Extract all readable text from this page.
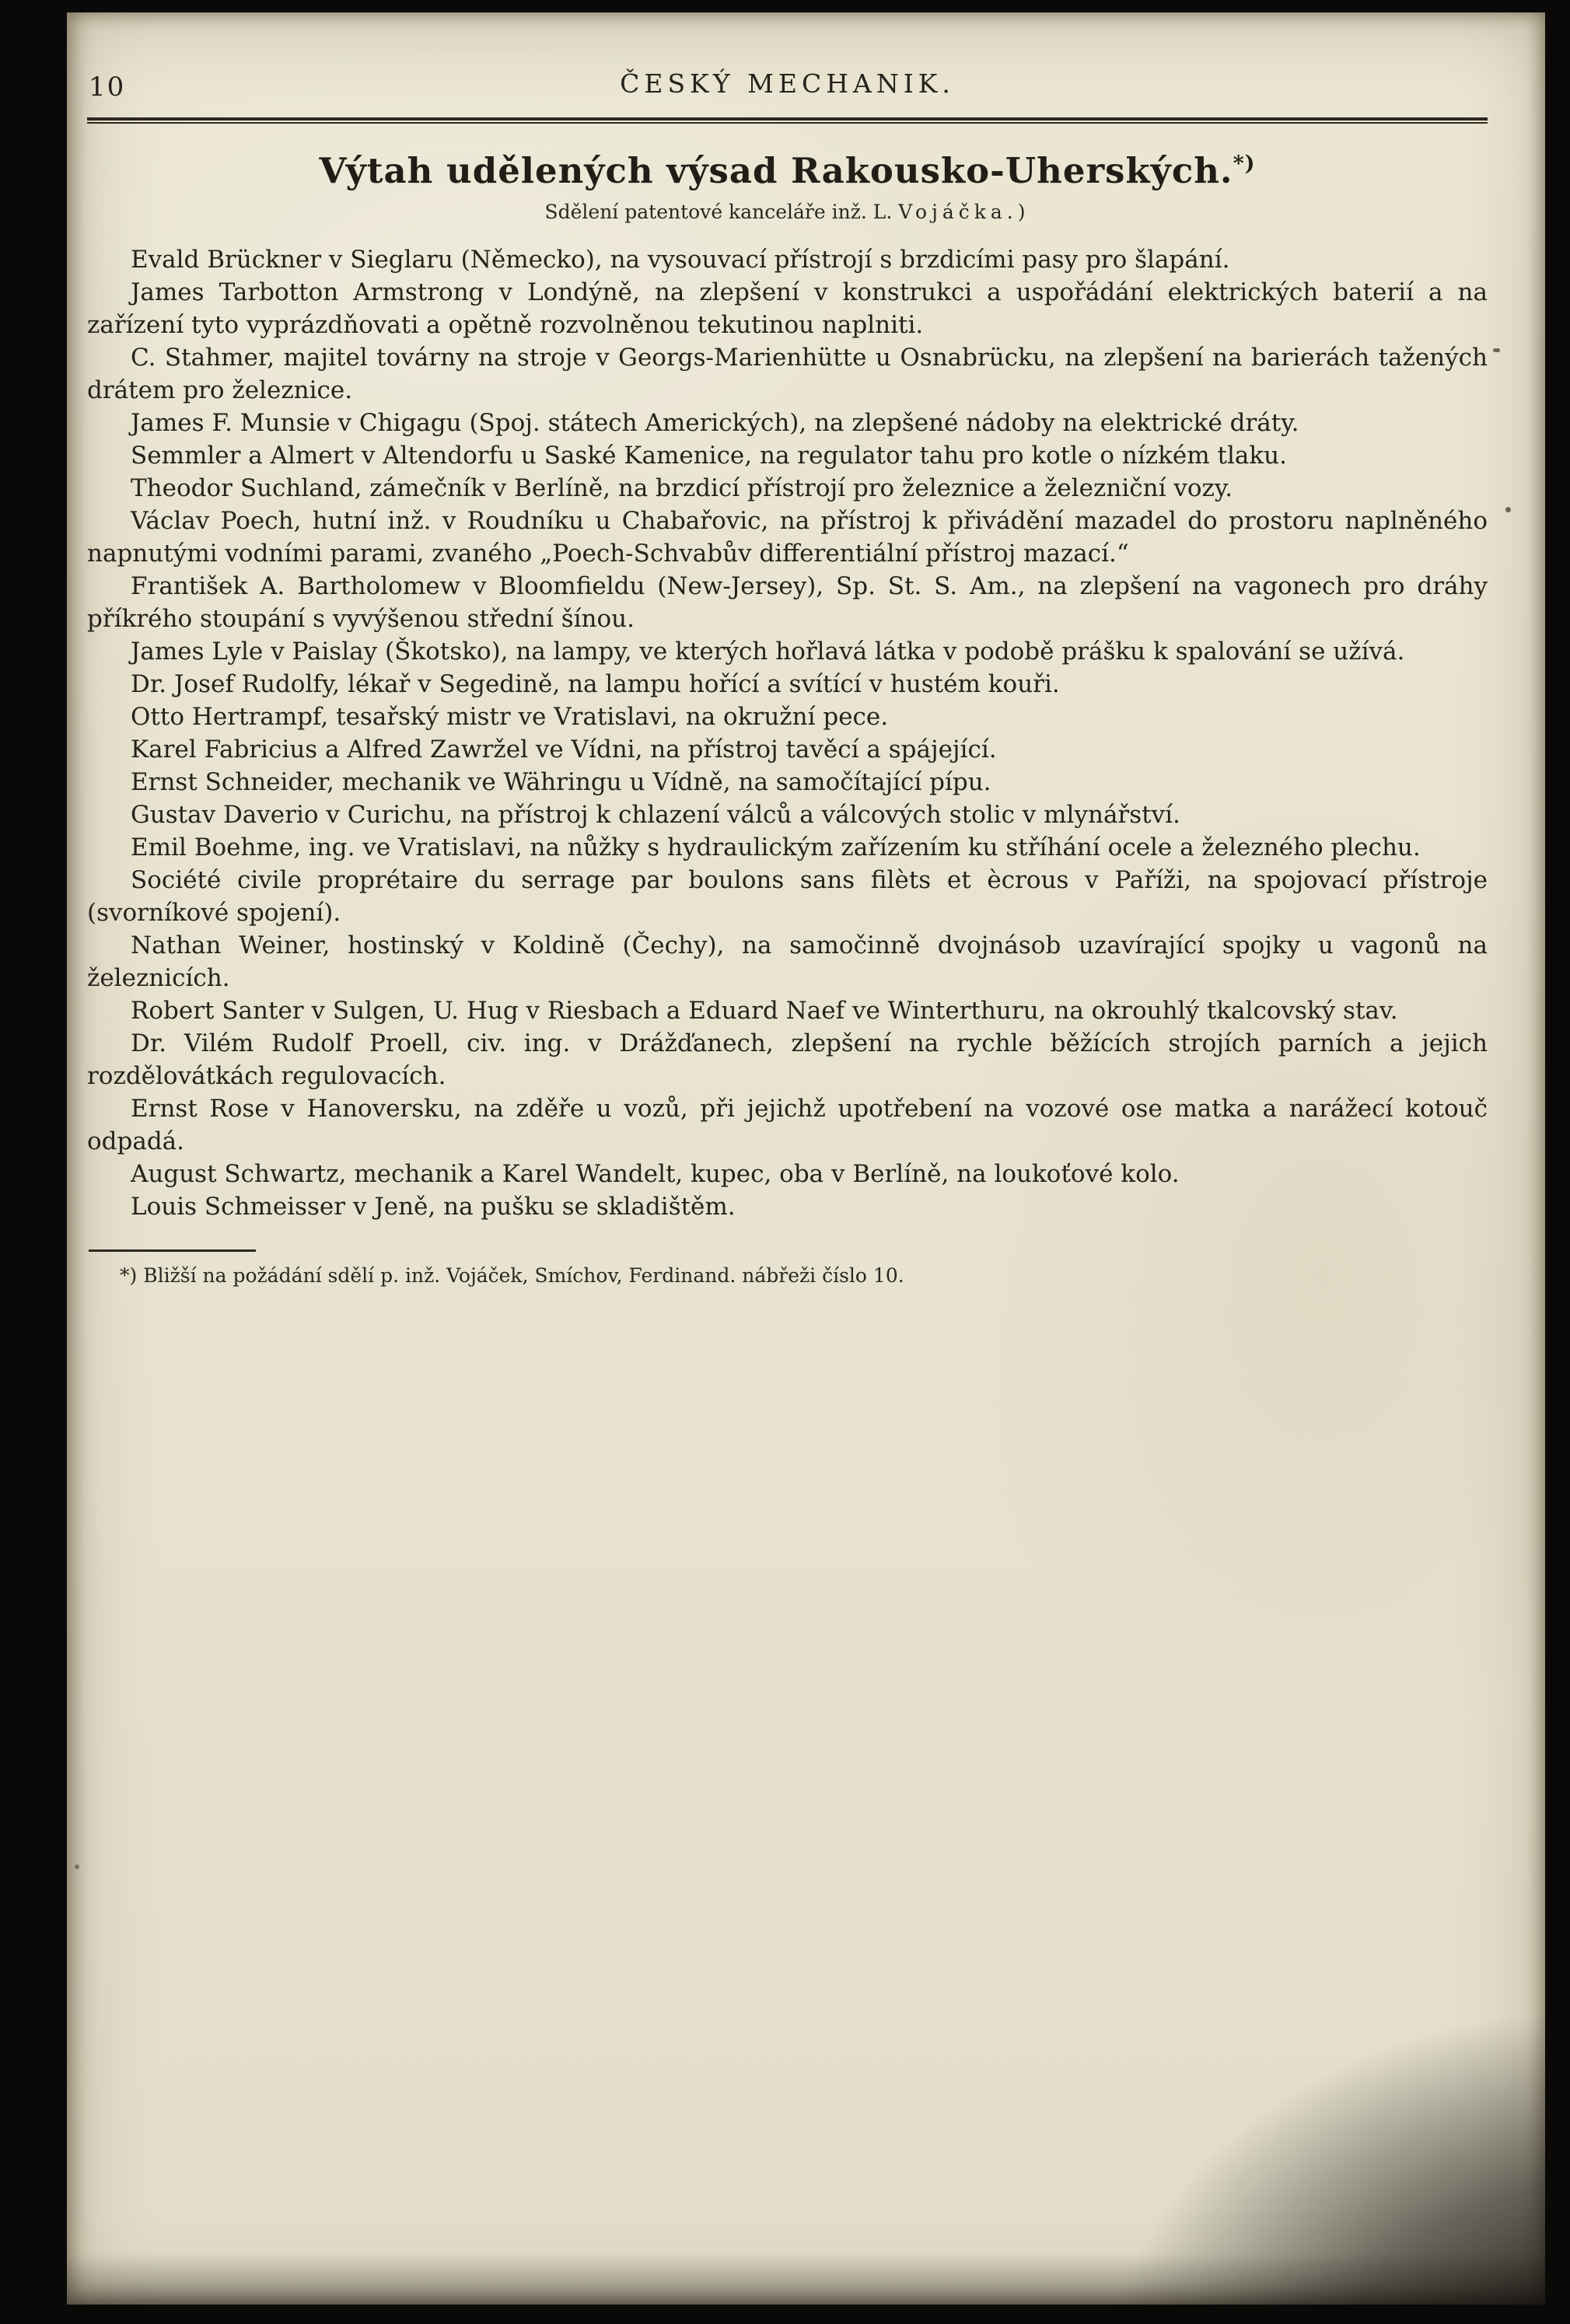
10	ČESKÝ MECHANIK.
Výtah udělených výsad Rakousko-Uherských.*)
Sdělení patentové kanceláře inž. L. Vojáčka.)

Evald Brückner v Sieglaru (Německo), na vysouvací přístrojí s brzdicími pasy pro šlapání.

James Tarbotton Armstrong v Londýně, na zlepšení v konstrukci a uspořádání elektrických baterií a na zařízení tyto vyprázdňovati a opětně rozvolněnou tekutinou naplniti.

C. Stahmer, majitel továrny na stroje v Georgs-Marienhütte u Osnabrücku, na zlepšení na barierách tažených drátem pro železnice.

James F. Munsie v Chigagu (Spoj. státech Amerických), na zlepšené nádoby na elektrické dráty.

Semmler a Almert v Altendorfu u Saské Kamenice, na regulator tahu pro kotle o nízkém tlaku.

Theodor Suchland, zámečník v Berlíně, na brzdicí přístrojí pro železnice a železniční vozy.

Václav Poech, hutní inž. v Roudníku u Chabařovic, na přístroj k přivádění mazadel do prostoru naplněného napnutými vodními parami, zvaného „Poech-Schvabův differentiální přístroj mazací.“

František A. Bartholomew v Bloomfieldu (New-Jersey), Sp. St. S. Am., na zlepšení na vagonech pro dráhy příkrého stoupání s vyvýšenou střední šínou.

James Lyle v Paislay (Škotsko), na lampy, ve kterých hořlavá látka v podobě prášku k spalování se užívá.

Dr. Josef Rudolfy, lékař v Segedině, na lampu hořící a svítící v hustém kouři.

Otto Hertrampf, tesařský mistr ve Vratislavi, na okružní pece.

Karel Fabricius a Alfred Zawržel ve Vídni, na přístroj tavěcí a spájející.

Ernst Schneider, mechanik ve Währingu u Vídně, na samočítající pípu.

Gustav Daverio v Curichu, na přístroj k chlazení válců a válcových stolic v mlynářství.

Emil Boehme, ing. ve Vratislavi, na nůžky s hydraulickým zařízením ku stříhání ocele a železného plechu.

Société civile proprétaire du serrage par boulons sans filèts et ècrous v Paříži, na spojovací přístroje (svorníkové spojení).

Nathan Weiner, hostinský v Koldině (Čechy), na samočinně dvojnásob uzavírající spojky u vagonů na železnicích.

Robert Santer v Sulgen, U. Hug v Riesbach a Eduard Naef ve Winterthuru, na okrouhlý tkalcovský stav.

Dr. Vilém Rudolf Proell, civ. ing. v Drážďanech, zlepšení na rychle běžících strojích parních a jejich rozdělovátkách regulovacích.

Ernst Rose v Hanoversku, na zděře u vozů, při jejichž upotřebení na vozové ose matka a narážecí kotouč odpadá.

August Schwartz, mechanik a Karel Wandelt, kupec, oba v Berlíně, na loukoťové kolo.

Louis Schmeisser v Jeně, na pušku se skladištěm.

*) Bližší na požádání sdělí p. inž. Vojáček, Smíchov, Ferdinand. nábřeži číslo 10.
